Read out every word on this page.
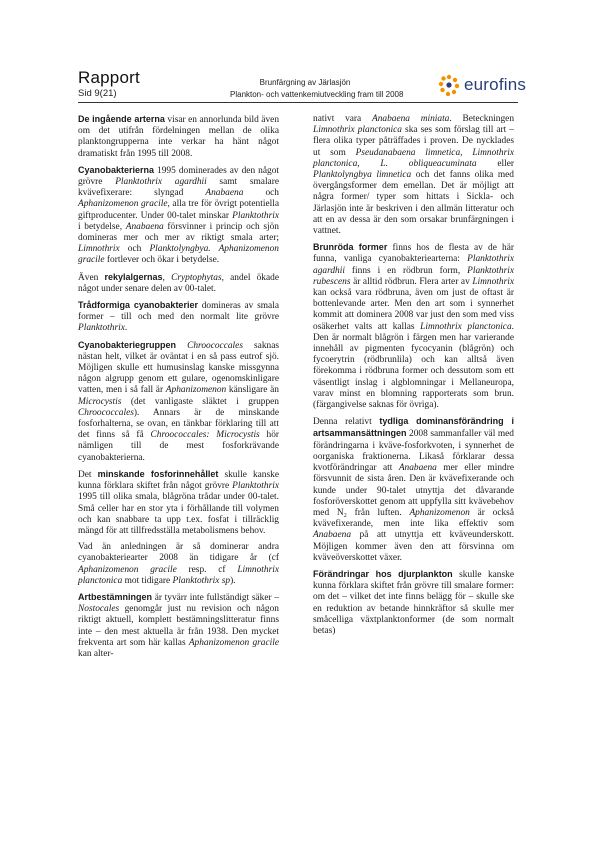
Rapport
Sid 9(21)
Brunfärgning av Järlasjön
Plankton- och vattenkemiutveckling fram till 2008
eurofins

De ingående arterna visar en annorlunda bild även om det utifrån fördelningen mellan de olika planktongrupperna inte verkar ha hänt något dramatiskt från 1995 till 2008.

Cyanobakterierna 1995 dominerades av den något grövre Planktothrix agardhii samt smalare kvävefixerare: slyngad Anabaena och Aphanizomenon gracile, alla tre för övrigt potentiella giftproducenter. Under 00-talet minskar Planktothrix i betydelse, Anabaena försvinner i princip och sjön domineras mer och mer av riktigt smala arter; Limnothrix och Planktolyngbya. Aphanizomenon gracile fortlever och ökar i betydelse.

Även rekylalgernas, Cryptophytas, andel ökade något under senare delen av 00-talet.

Trådformiga cyanobakterier domineras av smala former – till och med den normalt lite grövre Planktothrix.

Cyanobakteriegruppen Chroococcales saknas nästan helt, vilket är oväntat i en så pass eutrof sjö. Möjligen skulle ett humusinslag kanske missgynna någon algrupp genom ett gulare, ogenomskinligare vatten, men i så fall är Aphanizomenon känsligare än Microcystis (det vanligaste släktet i gruppen Chroococcales). Annars är de minskande fosforhalterna, se ovan, en tänkbar förklaring till att det finns så få Chroococcales: Microcystis hör nämligen till de mest fosforkrävande cyanobakterierna.

Det minskande fosforinnehållet skulle kanske kunna förklara skiftet från något grövre Planktothrix 1995 till olika smala, blågröna trådar under 00-talet. Små celler har en stor yta i förhållande till volymen och kan snabbare ta upp t.ex. fosfat i tillräcklig mängd för att tillfredsställa metabolismens behov.

Vad än anledningen är så dominerar andra cyanobakteriearter 2008 än tidigare år (cf Aphanizomenon gracile resp. cf Limnothrix planctonica mot tidigare Planktothrix sp).

Artbestämningen är tyvärr inte fullständigt säker – Nostocales genomgår just nu revision och någon riktigt aktuell, komplett bestämningslitteratur finns inte – den mest aktuella är från 1938. Den mycket frekventa art som här kallas Aphanizomenon gracile kan alter-

nativt vara Anabaena miniata. Beteckningen Limnothrix planctonica ska ses som förslag till art – flera olika typer påträffades i proven. De nycklades ut som Pseudanabaena limnetica, Limnothrix planctonica, L. obliqueacuminata eller Planktolyngbya limnetica och det fanns olika med övergångsformer dem emellan. Det är möjligt att några former/ typer som hittats i Sickla- och Järlasjön inte är beskriven i den allmän litteratur och att en av dessa är den som orsakar brunfärgningen i vattnet.

Brunröda former finns hos de flesta av de här funna, vanliga cyanobakteriearterna: Planktothrix agardhii finns i en rödbrun form, Planktothrix rubescens är alltid rödbrun. Flera arter av Limnothrix kan också vara rödbruna, även om just de oftast är bottenlevande arter. Men den art som i synnerhet kommit att dominera 2008 var just den som med viss osäkerhet valts att kallas Limnothrix planctonica. Den är normalt blågrön i färgen men har varierande innehåll av pigmenten fycocyanin (blågrön) och fycoerytrin (rödbrunlila) och kan alltså även förekomma i rödbruna former och dessutom som ett väsentligt inslag i algblomningar i Mellaneuropa, varav minst en blomning rapporterats som brun. (färgangivelse saknas för övriga).

Denna relativt tydliga dominansförändring i artsammansättningen 2008 sammanfaller väl med förändringarna i kväve-fosforkvoten, i synnerhet de oorganiska fraktionerna. Likaså förklarar dessa kvotförändringar att Anabaena mer eller mindre försvunnit de sista åren. Den är kvävefixerande och kunde under 90-talet utnyttja det dåvarande fosforöverskottet genom att uppfylla sitt kvävebehov med N₂ från luften. Aphanizomenon är också kvävefixerande, men inte lika effektiv som Anabaena på att utnyttja ett kväveunderskott. Möjligen kommer även den att försvinna om kväveöverskottet växer.

Förändringar hos djurplankton skulle kanske kunna förklara skiftet från grövre till smalare former: om det – vilket det inte finns belägg för – skulle ske en reduktion av betande hinnkräftor så skulle mer småcelliga växtplanktonformer (de som normalt betas)
